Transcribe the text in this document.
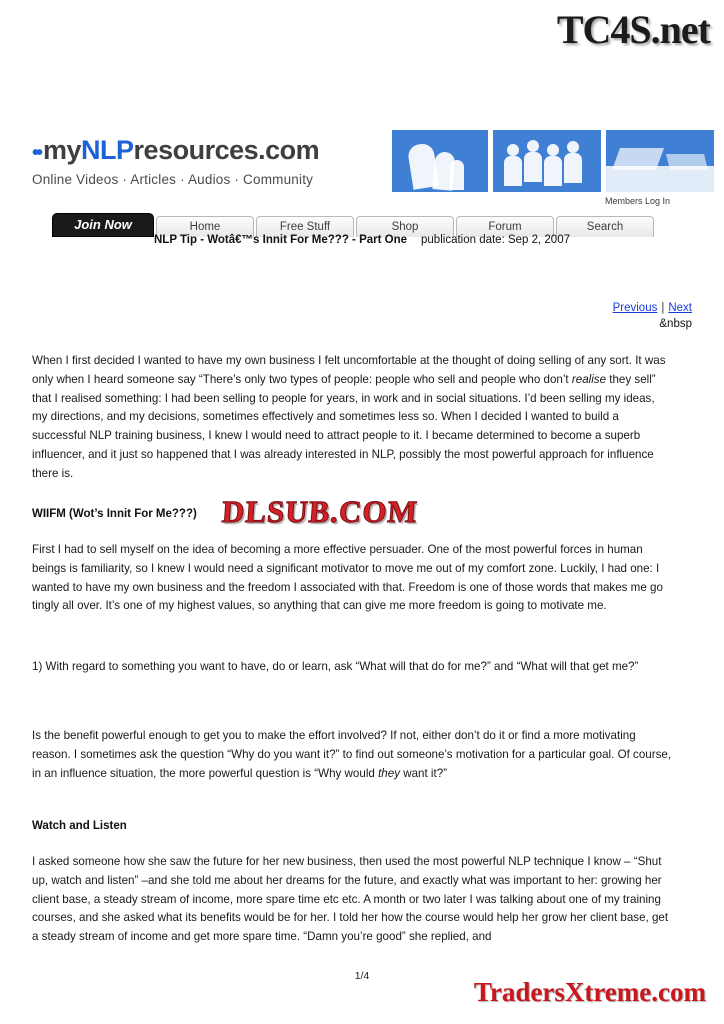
TC4S.net
•• myNLPresources.com
Online Videos · Articles · Audios · Community
Members Log In
Join Now	Home	Free Stuff	Shop	Forum	Search
NLP Tip - Wotâ€™s Innit For Me??? - Part One publication date: Sep 2, 2007
Previous | Next
&nbsp
When I first decided I wanted to have my own business I felt uncomfortable at the thought of doing selling of any sort. It was only when I heard someone say “There’s only two types of people: people who sell and people who don’t realise they sell” that I realised something: I had been selling to people for years, in work and in social situations. I’d been selling my ideas, my directions, and my decisions, sometimes effectively and sometimes less so. When I decided I wanted to build a successful NLP training business, I knew I would need to attract people to it. I became determined to become a superb influencer, and it just so happened that I was already interested in NLP, possibly the most powerful approach for influence there is.
WIIFM (Wot’s Innit For Me???) DLSUB.COM
First I had to sell myself on the idea of becoming a more effective persuader. One of the most powerful forces in human beings is familiarity, so I knew I would need a significant motivator to move me out of my comfort zone. Luckily, I had one: I wanted to have my own business and the freedom I associated with that. Freedom is one of those words that makes me go tingly all over. It’s one of my highest values, so anything that can give me more freedom is going to motivate me.
1) With regard to something you want to have, do or learn, ask “What will that do for me?” and “What will that get me?”
Is the benefit powerful enough to get you to make the effort involved? If not, either don’t do it or find a more motivating reason. I sometimes ask the question “Why do you want it?” to find out someone’s motivation for a particular goal. Of course, in an influence situation, the more powerful question is “Why would they want it?”
Watch and Listen
I asked someone how she saw the future for her new business, then used the most powerful NLP technique I know – “Shut up, watch and listen” –and she told me about her dreams for the future, and exactly what was important to her: growing her client base, a steady stream of income, more spare time etc etc. A month or two later I was talking about one of my training courses, and she asked what its benefits would be for her. I told her how the course would help her grow her client base, get a steady stream of income and get more spare time. “Damn you’re good” she replied, and
1/4
TradersXtreme.com
